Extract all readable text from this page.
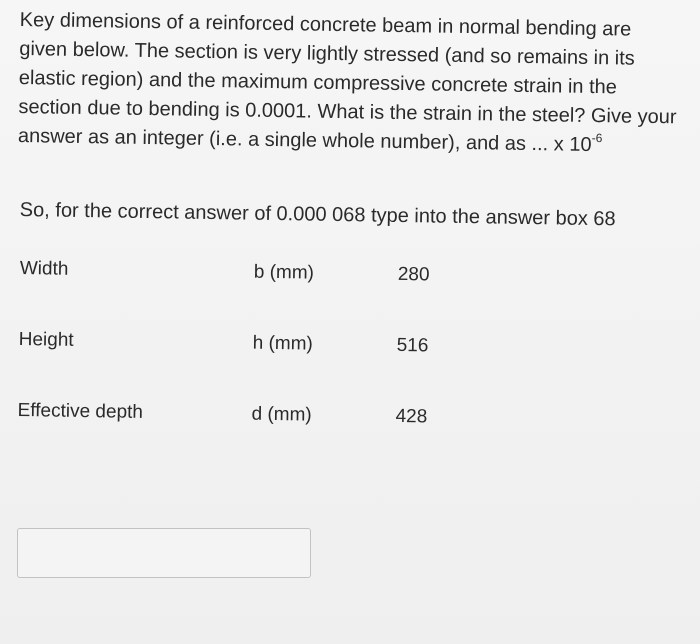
Key dimensions of a reinforced concrete beam in normal bending are given below. The section is very lightly stressed (and so remains in its elastic region) and the maximum compressive concrete strain in the section due to bending is 0.0001. What is the strain in the steel? Give your answer as an integer (i.e. a single whole number), and as ... x $10^{-6}$

So, for the correct answer of 0.000 068 type into the answer box 68
Width	b (mm)	280
Height	h (mm)	516
Effective depth	d (mm)	428
